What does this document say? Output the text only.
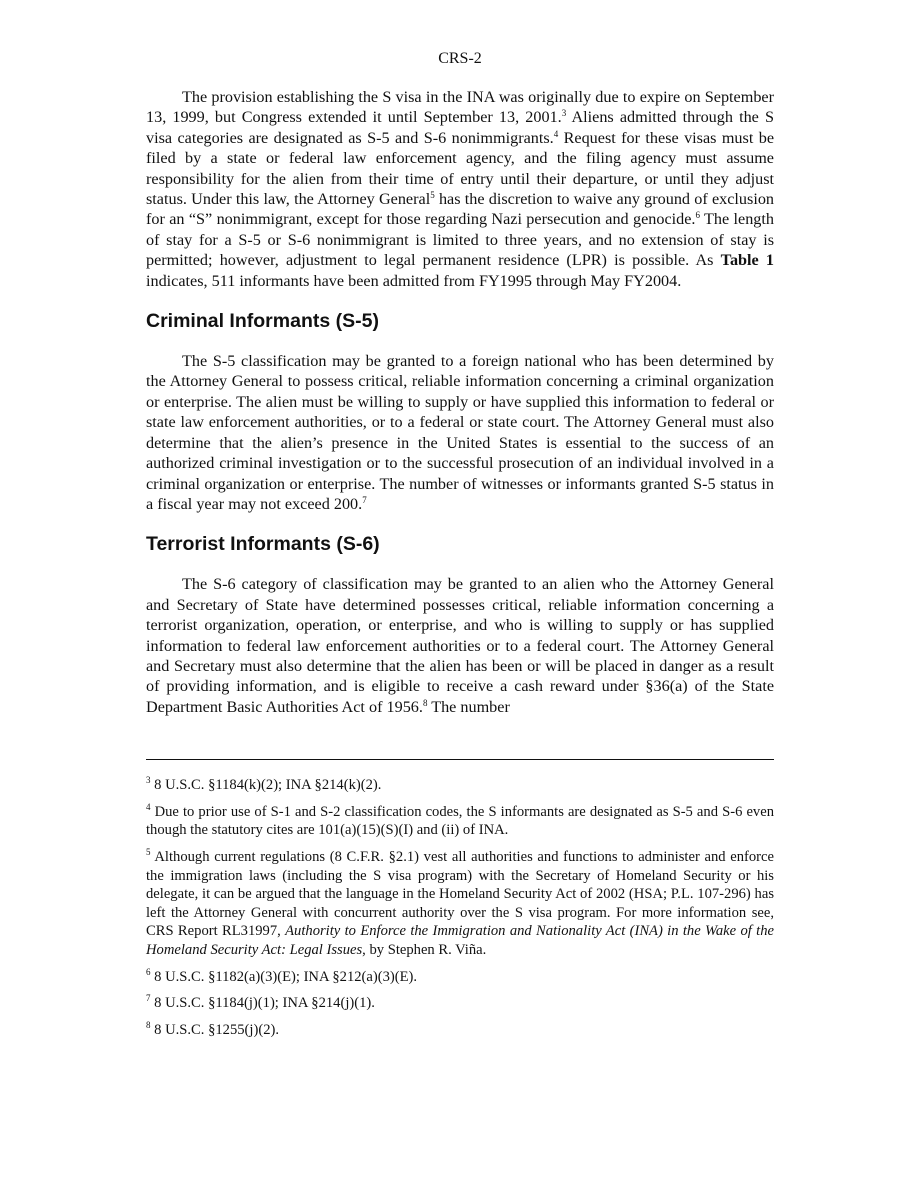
CRS-2

The provision establishing the S visa in the INA was originally due to expire on September 13, 1999, but Congress extended it until September 13, 2001.$^3$ Aliens admitted through the S visa categories are designated as S-5 and S-6 nonimmigrants.$^4$ Request for these visas must be filed by a state or federal law enforcement agency, and the filing agency must assume responsibility for the alien from their time of entry until their departure, or until they adjust status. Under this law, the Attorney General$^5$ has the discretion to waive any ground of exclusion for an “S” nonimmigrant, except for those regarding Nazi persecution and genocide.$^6$ The length of stay for a S-5 or S-6 nonimmigrant is limited to three years, and no extension of stay is permitted; however, adjustment to legal permanent residence (LPR) is possible. As Table 1 indicates, 511 informants have been admitted from FY1995 through May FY2004.

Criminal Informants (S-5)

The S-5 classification may be granted to a foreign national who has been determined by the Attorney General to possess critical, reliable information concerning a criminal organization or enterprise. The alien must be willing to supply or have supplied this information to federal or state law enforcement authorities, or to a federal or state court. The Attorney General must also determine that the alien’s presence in the United States is essential to the success of an authorized criminal investigation or to the successful prosecution of an individual involved in a criminal organization or enterprise. The number of witnesses or informants granted S-5 status in a fiscal year may not exceed 200.$^7$

Terrorist Informants (S-6)

The S-6 category of classification may be granted to an alien who the Attorney General and Secretary of State have determined possesses critical, reliable information concerning a terrorist organization, operation, or enterprise, and who is willing to supply or has supplied information to federal law enforcement authorities or to a federal court. The Attorney General and Secretary must also determine that the alien has been or will be placed in danger as a result of providing information, and is eligible to receive a cash reward under §36(a) of the State Department Basic Authorities Act of 1956.$^8$ The number

$^3$ 8 U.S.C. §1184(k)(2); INA §214(k)(2).

$^4$ Due to prior use of S-1 and S-2 classification codes, the S informants are designated as S-5 and S-6 even though the statutory cites are 101(a)(15)(S)(I) and (ii) of INA.

$^5$ Although current regulations (8 C.F.R. §2.1) vest all authorities and functions to administer and enforce the immigration laws (including the S visa program) with the Secretary of Homeland Security or his delegate, it can be argued that the language in the Homeland Security Act of 2002 (HSA; P.L. 107-296) has left the Attorney General with concurrent authority over the S visa program. For more information see, CRS Report RL31997, Authority to Enforce the Immigration and Nationality Act (INA) in the Wake of the Homeland Security Act: Legal Issues, by Stephen R. Viña.

$^6$ 8 U.S.C. §1182(a)(3)(E); INA §212(a)(3)(E).

$^7$ 8 U.S.C. §1184(j)(1); INA §214(j)(1).

$^8$ 8 U.S.C. §1255(j)(2).
